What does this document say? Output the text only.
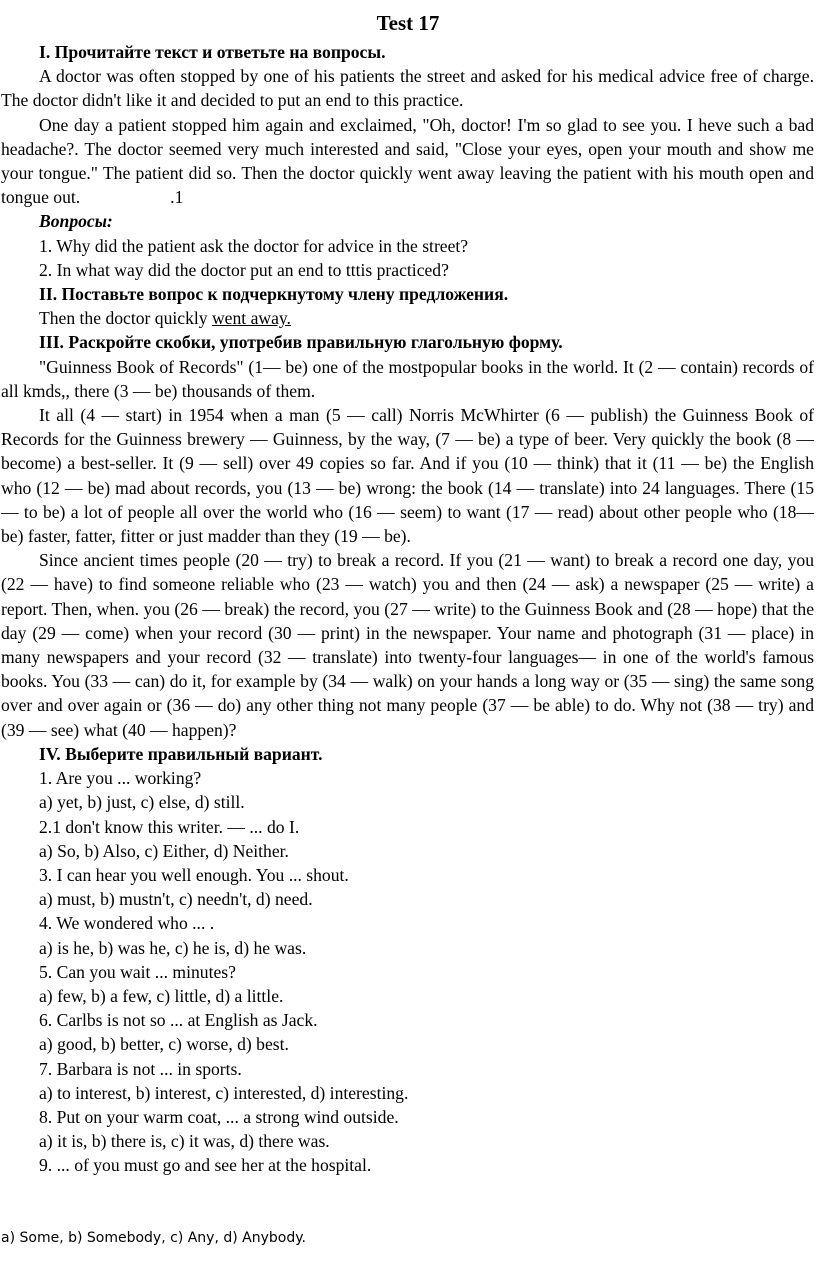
Test 17

I. Прочитайте текст и ответьте на вопросы.

A doctor was often stopped by one of his patients the street and asked for his medical advice free of charge. The doctor didn't like it and decided to put an end to this practice.

One day a patient stopped him again and exclaimed, "Oh, doctor! I'm so glad to see you. I heve such a bad headache?. The doctor seemed very much interested and said, "Close your eyes, open your mouth and show me your tongue." The patient did so. Then the doctor quickly went away leaving the patient with his mouth open and tongue out.	.1

Вопросы:

1. Why did the patient ask the doctor for advice in the street?

2. In what way did the doctor put an end to tttis practiced?

II. Поставьте вопрос к подчеркнутому члену предложения.

Then the doctor quickly went away.

III. Раскройте скобки, употребив правильную глагольную форму.

"Guinness Book of Records" (1— be) one of the mostpopular books in the world. It (2 — contain) records of all kmds,, there (3 — be) thousands of them.

It all (4 — start) in 1954 when a man (5 — call) Norris McWhirter (6 — publish) the Guinness Book of Records for the Guinness brewery — Guinness, by the way, (7 — be) a type of beer. Very quickly the book (8 — become) a best-seller. It (9 — sell) over 49 copies so far. And if you (10 — think) that it (11 — be) the English who (12 — be) mad about records, you (13 — be) wrong: the book (14 — translate) into 24 languages. There (15 — to be) a lot of people all over the world who (16 — seem) to want (17 — read) about other people who (18— be) faster, fatter, fitter or just madder than they (19 — be).

Since ancient times people (20 — try) to break a record. If you (21 — want) to break a record one day, you (22 — have) to find someone reliable who (23 — watch) you and then (24 — ask) a newspaper (25 — write) a report. Then, when. you (26 — break) the record, you (27 — write) to the Guinness Book and (28 — hope) that the day (29 — come) when your record (30 — print) in the newspaper. Your name and photograph (31 — place) in many newspapers and your record (32 — translate) into twenty-four languages— in one of the world's famous books. You (33 — can) do it, for example by (34 — walk) on your hands a long way or (35 — sing) the same song over and over again or (36 — do) any other thing not many people (37 — be able) to do. Why not (38 — try) and (39 — see) what (40 — happen)?

IV. Выберите правильный вариант.

1. Are you ... working?

a) yet, b) just, c) else, d) still.

2.1 don't know this writer. — ... do I.

a) So, b) Also, c) Either, d) Neither.

3. I can hear you well enough. You ... shout.

a) must, b) mustn't, c) needn't, d) need.

4. We wondered who ... .

a) is he, b) was he, c) he is, d) he was.

5. Can you wait ... minutes?

a) few, b) a few, c) little, d) a little.

6. Carlbs is not so ... at English as Jack.

a) good, b) better, c) worse, d) best.

7. Barbara is not ... in sports.

a) to interest, b) interest, c) interested, d) interesting.

8. Put on your warm coat, ... a strong wind outside.

a) it is, b) there is, c) it was, d) there was.

9. ... of you must go and see her at the hospital.

a) Some, b) Somebody, c) Any, d) Anybody.
